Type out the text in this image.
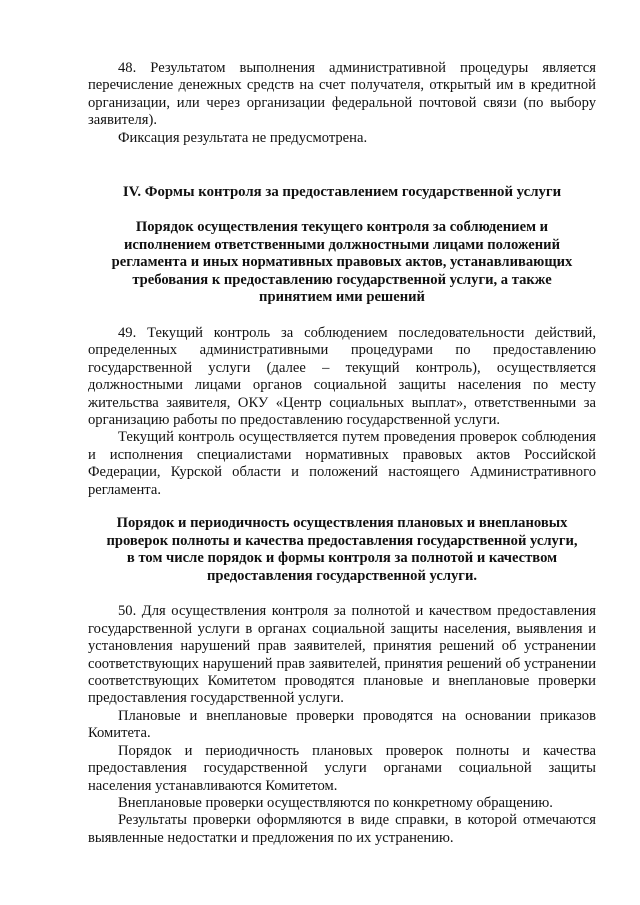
48. Результатом выполнения административной процедуры является перечисление денежных средств на счет получателя, открытый им в кредитной организации, или через организации федеральной почтовой связи (по выбору заявителя).

Фиксация результата не предусмотрена.

IV. Формы контроля за предоставлением государственной услуги
Порядок осуществления текущего контроля за соблюдением и исполнением ответственными должностными лицами положений регламента и иных нормативных правовых актов, устанавливающих требования к предоставлению государственной услуги, а также принятием ими решений

49. Текущий контроль за соблюдением последовательности действий, определенных административными процедурами по предоставлению государственной услуги (далее – текущий контроль), осуществляется должностными лицами органов социальной защиты населения по месту жительства заявителя, ОКУ «Центр социальных выплат», ответственными за организацию работы по предоставлению государственной услуги.

Текущий контроль осуществляется путем проведения проверок соблюдения и исполнения специалистами нормативных правовых актов Российской Федерации, Курской области и положений настоящего Административного регламента.

Порядок и периодичность осуществления плановых и внеплановых проверок полноты и качества предоставления государственной услуги, в том числе порядок и формы контроля за полнотой и качеством предоставления государственной услуги.

50. Для осуществления контроля за полнотой и качеством предоставления государственной услуги в органах социальной защиты населения, выявления и установления нарушений прав заявителей, принятия решений об устранении соответствующих нарушений прав заявителей, принятия решений об устранении соответствующих Комитетом проводятся плановые и внеплановые проверки предоставления государственной услуги.

Плановые и внеплановые проверки проводятся на основании приказов Комитета.

Порядок и периодичность плановых проверок полноты и качества предоставления государственной услуги органами социальной защиты населения устанавливаются Комитетом.

Внеплановые проверки осуществляются по конкретному обращению.

Результаты проверки оформляются в виде справки, в которой отмечаются выявленные недостатки и предложения по их устранению.
